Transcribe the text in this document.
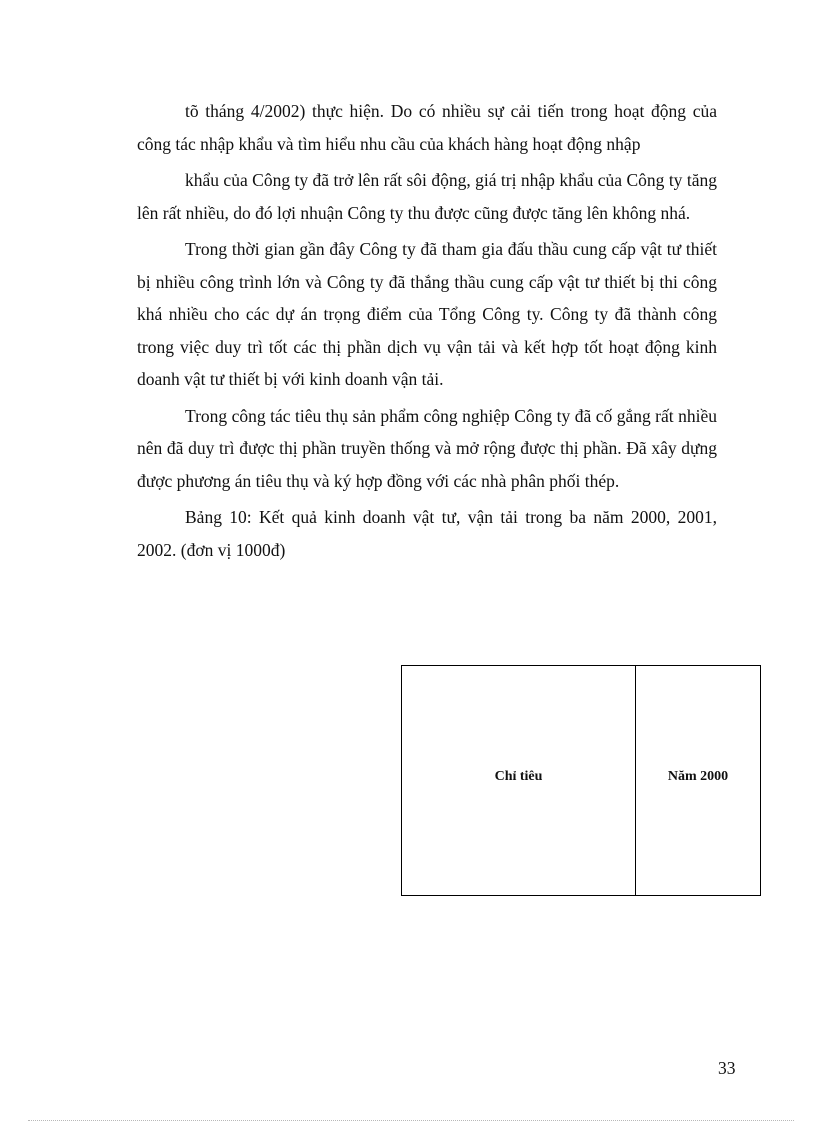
tõ tháng 4/2002) thực hiện. Do có nhiều sự cải tiến trong hoạt động của công tác nhập khẩu và tìm hiểu nhu cầu của khách hàng hoạt động nhập

khẩu của Công ty đã trở lên rất sôi động, giá trị nhập khẩu của Công ty tăng lên rất nhiều, do đó lợi nhuận Công ty thu được cũng được tăng lên không nhá.

Trong thời gian gần đây Công ty đã tham gia đấu thầu cung cấp vật tư thiết bị nhiều công trình lớn và Công ty đã thắng thầu cung cấp vật tư thiết bị thi công khá nhiều cho các dự án trọng điểm của Tổng Công ty. Công ty đã thành công trong việc duy trì tốt các thị phần dịch vụ vận tải và kết hợp tốt hoạt động kinh doanh vật tư thiết bị với kinh doanh vận tải.

Trong công tác tiêu thụ sản phẩm công nghiệp Công ty đã cố gắng rất nhiều nên đã duy trì được thị phần truyền thống và mở rộng được thị phần. Đã xây dựng được phương án tiêu thụ và ký hợp đồng với các nhà phân phối thép.

Bảng 10: Kết quả kinh doanh vật tư, vận tải trong ba năm 2000, 2001, 2002. (đơn vị 1000đ)

Chỉ tiêu	Năm 2000
33
